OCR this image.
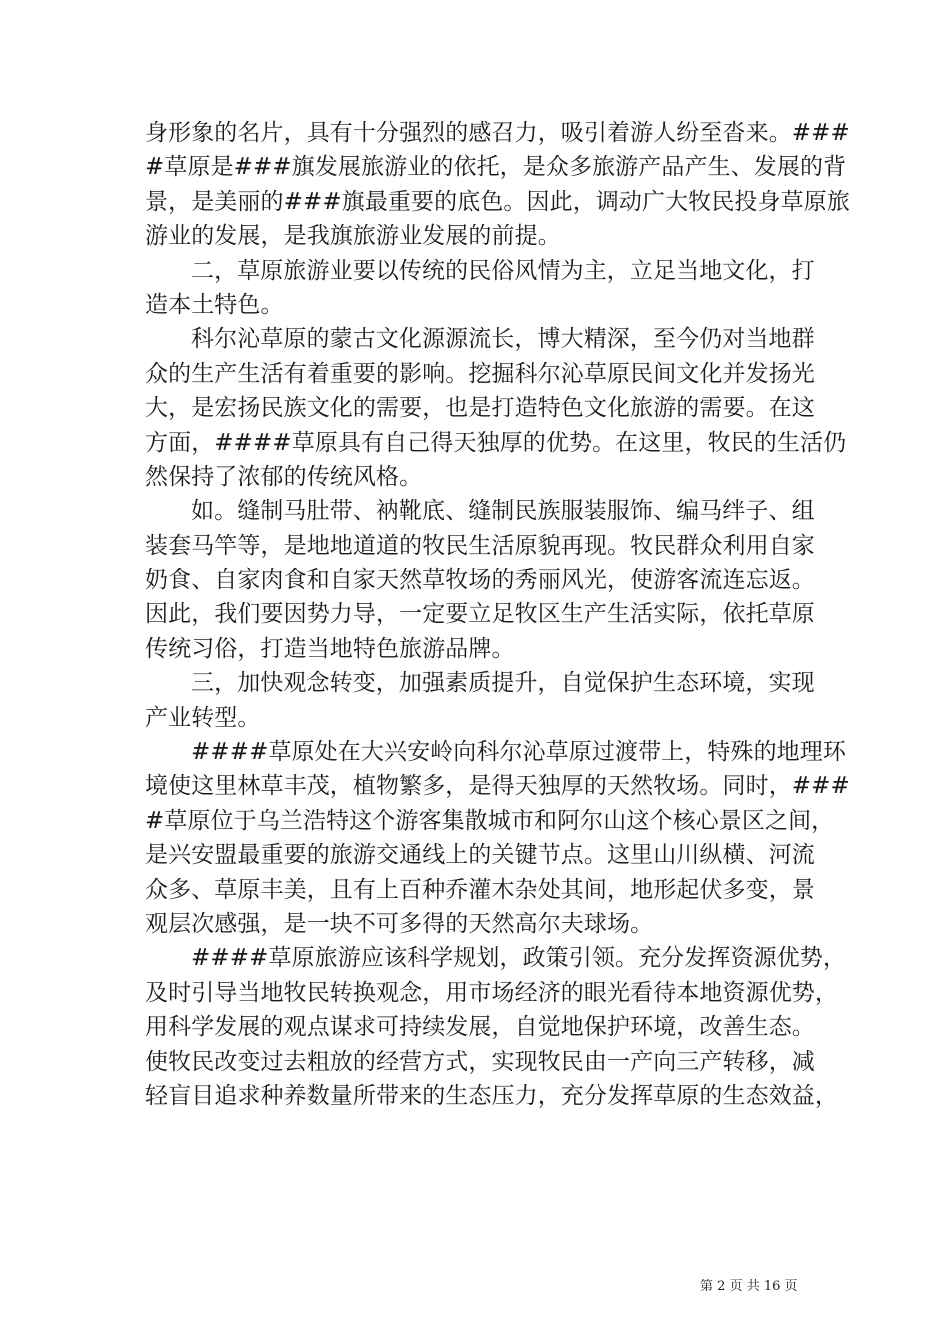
身形象的名片，具有十分强烈的感召力，吸引着游人纷至沓来。###
#草原是###旗发展旅游业的依托，是众多旅游产品产生、发展的背
景，是美丽的###旗最重要的底色。因此，调动广大牧民投身草原旅
游业的发展，是我旗旅游业发展的前提。
二，草原旅游业要以传统的民俗风情为主，立足当地文化，打
造本土特色。
科尔沁草原的蒙古文化源源流长，博大精深，至今仍对当地群
众的生产生活有着重要的影响。挖掘科尔沁草原民间文化并发扬光
大，是宏扬民族文化的需要，也是打造特色文化旅游的需要。在这
方面，####草原具有自己得天独厚的优势。在这里，牧民的生活仍
然保持了浓郁的传统风格。
如。缝制马肚带、衲靴底、缝制民族服装服饰、编马绊子、组
装套马竿等，是地地道道的牧民生活原貌再现。牧民群众利用自家
奶食、自家肉食和自家天然草牧场的秀丽风光，使游客流连忘返。
因此，我们要因势力导，一定要立足牧区生产生活实际，依托草原
传统习俗，打造当地特色旅游品牌。
三，加快观念转变，加强素质提升，自觉保护生态环境，实现
产业转型。
####草原处在大兴安岭向科尔沁草原过渡带上，特殊的地理环
境使这里林草丰茂，植物繁多，是得天独厚的天然牧场。同时，###
#草原位于乌兰浩特这个游客集散城市和阿尔山这个核心景区之间，
是兴安盟最重要的旅游交通线上的关键节点。这里山川纵横、河流
众多、草原丰美，且有上百种乔灌木杂处其间，地形起伏多变，景
观层次感强，是一块不可多得的天然高尔夫球场。
####草原旅游应该科学规划，政策引领。充分发挥资源优势，
及时引导当地牧民转换观念，用市场经济的眼光看待本地资源优势，
用科学发展的观点谋求可持续发展，自觉地保护环境，改善生态。
使牧民改变过去粗放的经营方式，实现牧民由一产向三产转移，减
轻盲目追求种养数量所带来的生态压力，充分发挥草原的生态效益，
第 2 页 共 16 页
